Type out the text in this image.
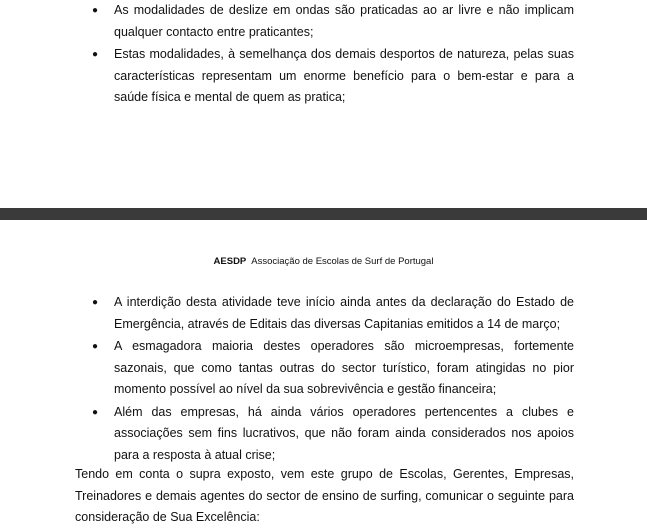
● As modalidades de deslize em ondas são praticadas ao ar livre e não implicam qualquer contacto entre praticantes;
● Estas modalidades, à semelhança dos demais desportos de natureza, pelas suas características representam um enorme benefício para o bem-estar e para a saúde física e mental de quem as pratica;
AESDP Associação de Escolas de Surf de Portugal
● A interdição desta atividade teve início ainda antes da declaração do Estado de Emergência, através de Editais das diversas Capitanias emitidos a 14 de março;
● A esmagadora maioria destes operadores são microempresas, fortemente sazonais, que como tantas outras do sector turístico, foram atingidas no pior momento possível ao nível da sua sobrevivência e gestão financeira;
● Além das empresas, há ainda vários operadores pertencentes a clubes e associações sem fins lucrativos, que não foram ainda considerados nos apoios para a resposta à atual crise;

Tendo em conta o supra exposto, vem este grupo de Escolas, Gerentes, Empresas, Treinadores e demais agentes do sector de ensino de surfing, comunicar o seguinte para consideração de Sua Excelência:
